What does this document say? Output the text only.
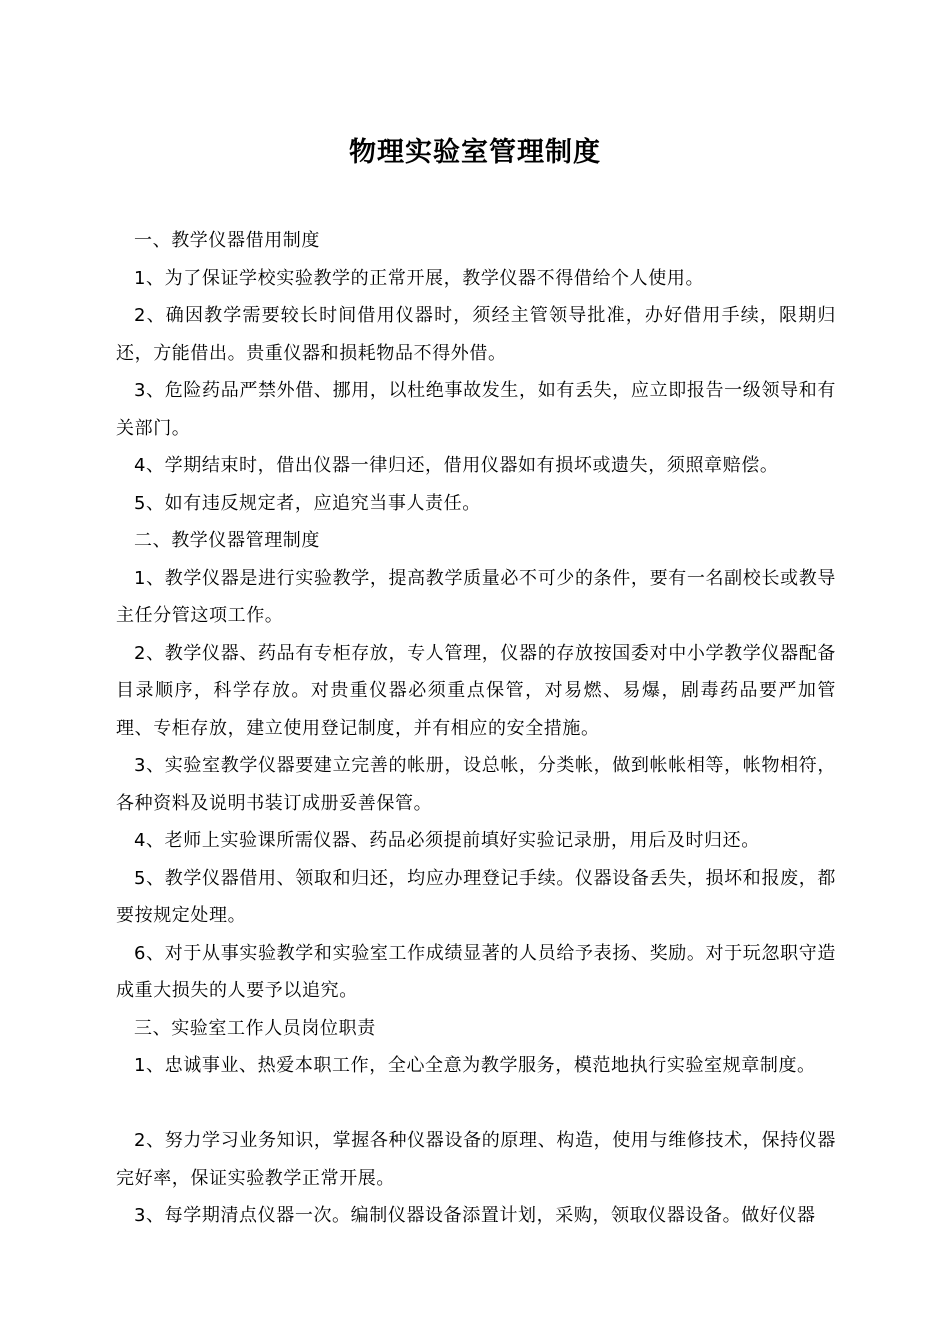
物理实验室管理制度

一、教学仪器借用制度

1、为了保证学校实验教学的正常开展，教学仪器不得借给个人使用。

2、确因教学需要较长时间借用仪器时，须经主管领导批准，办好借用手续，限期归还，方能借出。贵重仪器和损耗物品不得外借。

3、危险药品严禁外借、挪用，以杜绝事故发生，如有丢失，应立即报告一级领导和有关部门。

4、学期结束时，借出仪器一律归还，借用仪器如有损坏或遗失，须照章赔偿。

5、如有违反规定者，应追究当事人责任。

二、教学仪器管理制度

1、教学仪器是进行实验教学，提高教学质量必不可少的条件，要有一名副校长或教导主任分管这项工作。

2、教学仪器、药品有专柜存放，专人管理，仪器的存放按国委对中小学教学仪器配备目录顺序，科学存放。对贵重仪器必须重点保管，对易燃、易爆，剧毒药品要严加管理、专柜存放，建立使用登记制度，并有相应的安全措施。

3、实验室教学仪器要建立完善的帐册，设总帐，分类帐，做到帐帐相等，帐物相符，各种资料及说明书装订成册妥善保管。

4、老师上实验课所需仪器、药品必须提前填好实验记录册，用后及时归还。

5、教学仪器借用、领取和归还，均应办理登记手续。仪器设备丢失，损坏和报废，都要按规定处理。

6、对于从事实验教学和实验室工作成绩显著的人员给予表扬、奖励。对于玩忽职守造成重大损失的人要予以追究。

三、实验室工作人员岗位职责

1、忠诚事业、热爱本职工作，全心全意为教学服务，模范地执行实验室规章制度。

2、努力学习业务知识，掌握各种仪器设备的原理、构造，使用与维修技术，保持仪器完好率，保证实验教学正常开展。

3、每学期清点仪器一次。编制仪器设备添置计划，采购，领取仪器设备。做好仪器
